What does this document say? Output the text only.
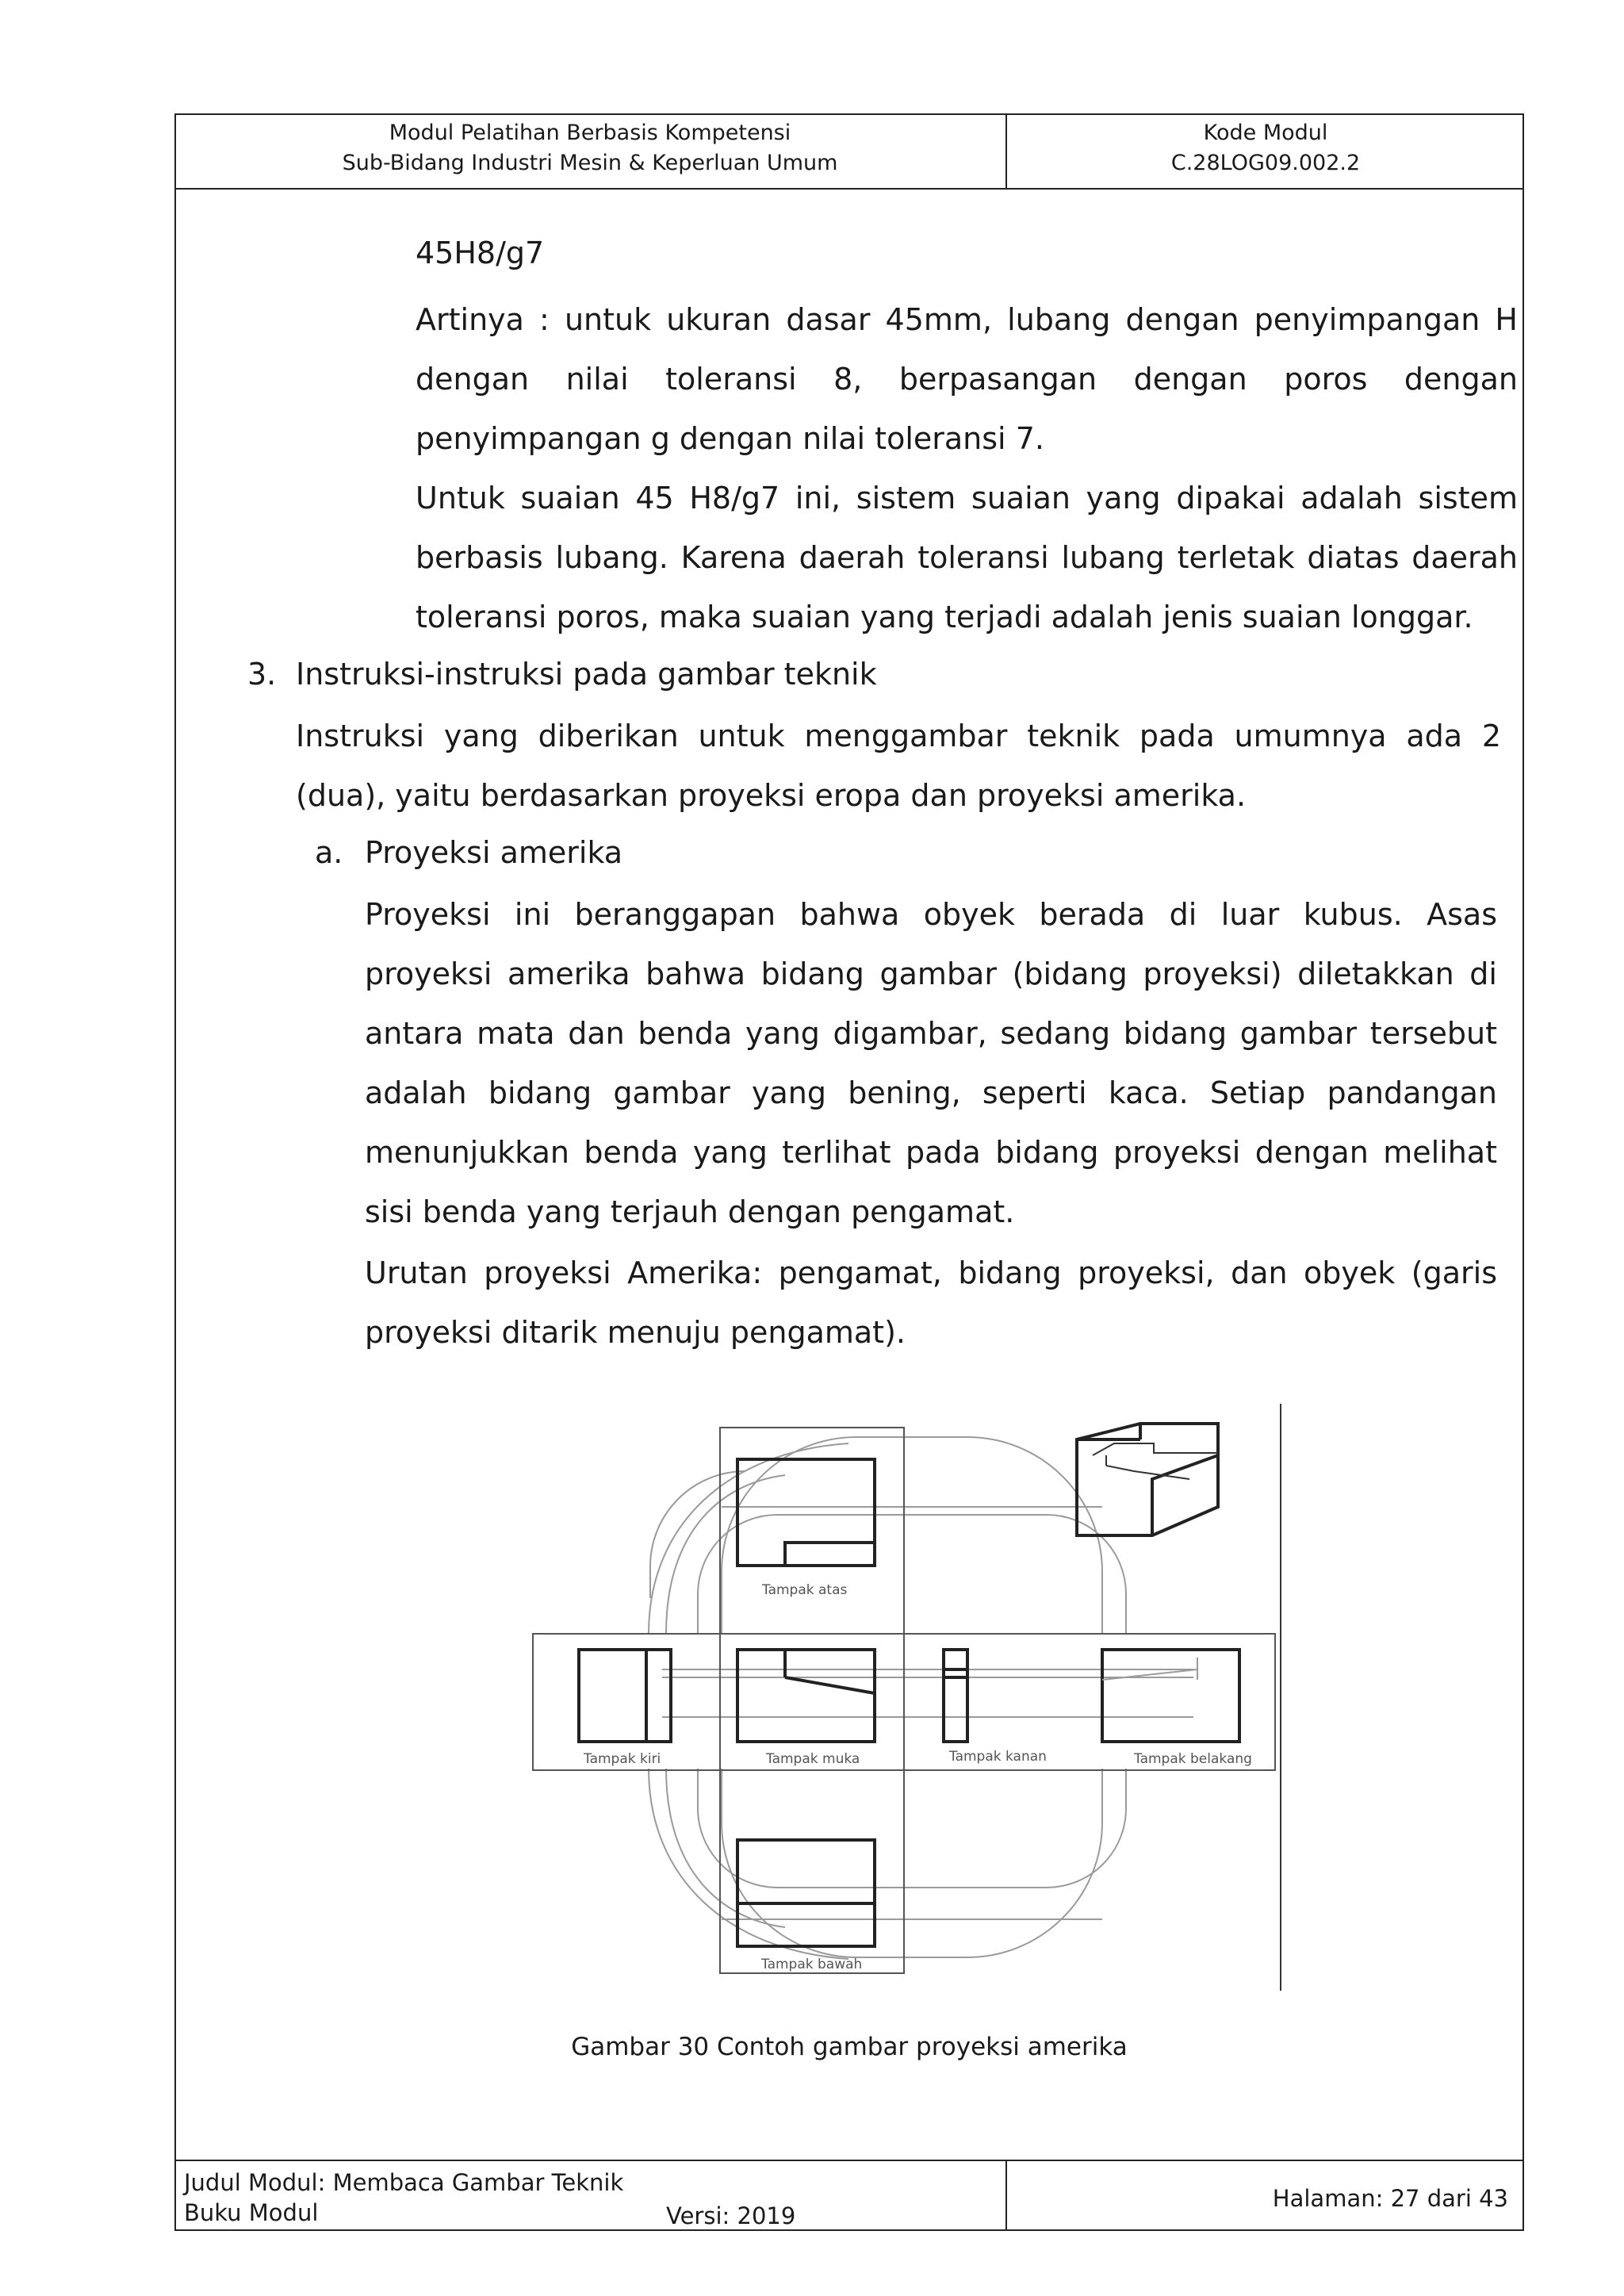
Modul Pelatihan Berbasis Kompetensi
Sub-Bidang Industri Mesin & Keperluan Umum
Kode Modul
C.28LOG09.002.2
45H8/g7
Artinya : untuk ukuran dasar 45mm, lubang dengan penyimpangan H dengan nilai toleransi 8, berpasangan dengan poros dengan penyimpangan g dengan nilai toleransi 7.
Untuk suaian 45 H8/g7 ini, sistem suaian yang dipakai adalah sistem berbasis lubang. Karena daerah toleransi lubang terletak diatas daerah toleransi poros, maka suaian yang terjadi adalah jenis suaian longgar.
3. Instruksi-instruksi pada gambar teknik
Instruksi yang diberikan untuk menggambar teknik pada umumnya ada 2 (dua), yaitu berdasarkan proyeksi eropa dan proyeksi amerika.
a. Proyeksi amerika
Proyeksi ini beranggapan bahwa obyek berada di luar kubus. Asas proyeksi amerika bahwa bidang gambar (bidang proyeksi) diletakkan di antara mata dan benda yang digambar, sedang bidang gambar tersebut adalah bidang gambar yang bening, seperti kaca. Setiap pandangan menunjukkan benda yang terlihat pada bidang proyeksi dengan melihat sisi benda yang terjauh dengan pengamat.
Urutan proyeksi Amerika: pengamat, bidang proyeksi, dan obyek (garis proyeksi ditarik menuju pengamat).
Tampak atas
Tampak kiri	Tampak muka	Tampak kanan	Tampak belakang
Tampak bawah
Gambar 30 Contoh gambar proyeksi amerika
Judul Modul: Membaca Gambar Teknik
Buku Modul	Versi: 2019
Halaman: 27 dari 43
